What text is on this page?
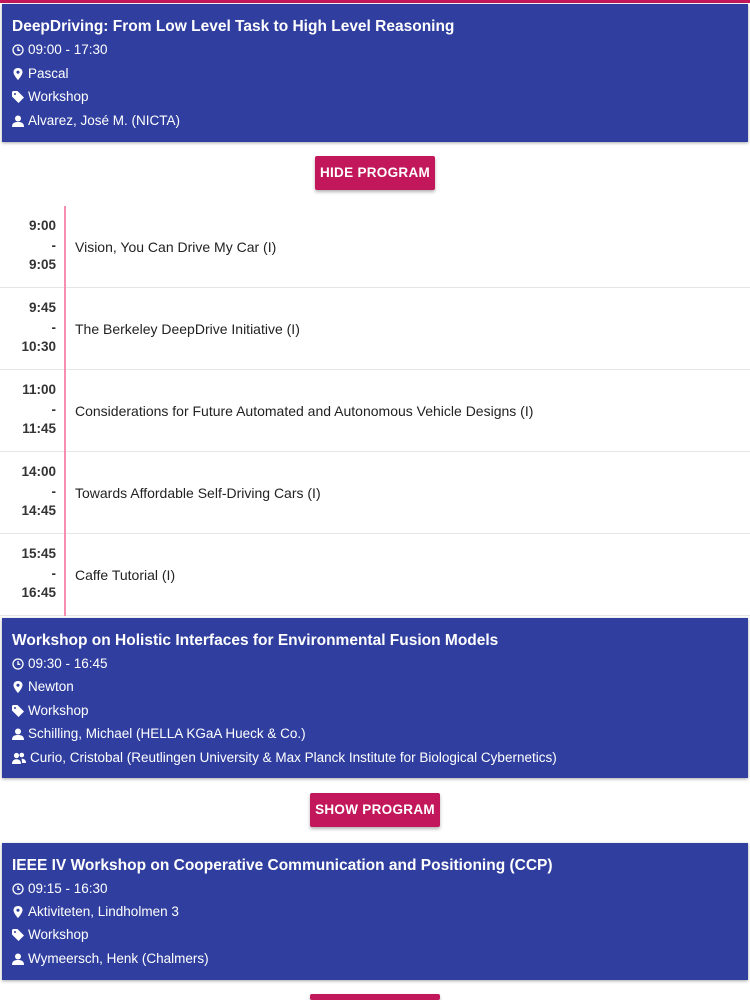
DeepDriving: From Low Level Task to High Level Reasoning
09:00 - 17:30
Pascal
Workshop
Alvarez, José M. (NICTA)
HIDE PROGRAM
9:00
-
9:05
Vision, You Can Drive My Car (I)
9:45
-
10:30
The Berkeley DeepDrive Initiative (I)
11:00
-
11:45
Considerations for Future Automated and Autonomous Vehicle Designs (I)
14:00
-
14:45
Towards Affordable Self-Driving Cars (I)
15:45
-
16:45
Caffe Tutorial (I)
Workshop on Holistic Interfaces for Environmental Fusion Models
09:30 - 16:45
Newton
Workshop
Schilling, Michael (HELLA KGaA Hueck & Co.)
Curio, Cristobal (Reutlingen University & Max Planck Institute for Biological Cybernetics)
SHOW PROGRAM
IEEE IV Workshop on Cooperative Communication and Positioning (CCP)
09:15 - 16:30
Aktiviteten, Lindholmen 3
Workshop
Wymeersch, Henk (Chalmers)
